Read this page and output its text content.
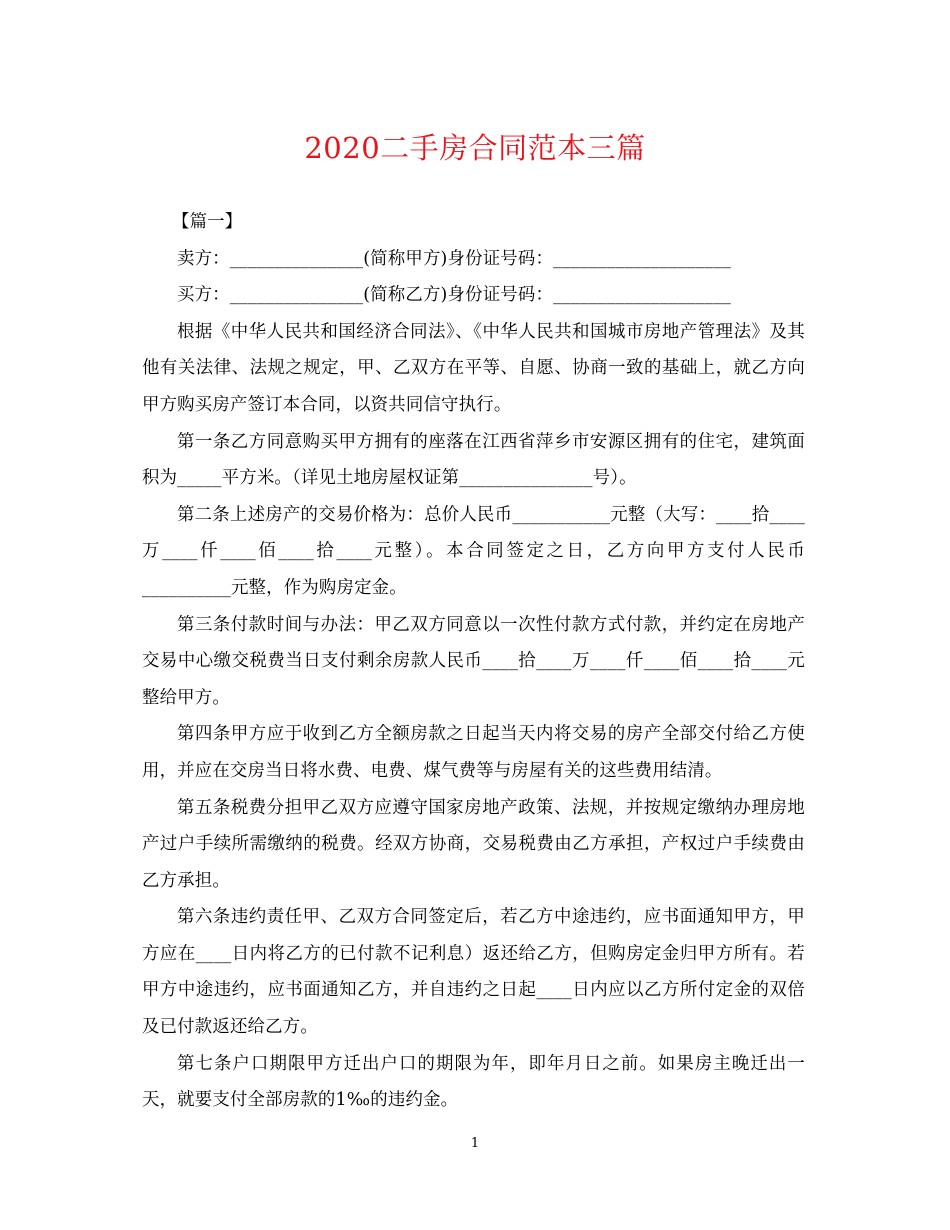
2020二手房合同范本三篇

【篇一】

卖方：_______________(简称甲方)身份证号码：____________________

买方：_______________(简称乙方)身份证号码：____________________

根据《中华人民共和国经济合同法》、《中华人民共和国城市房地产管理法》及其他有关法律、法规之规定，甲、乙双方在平等、自愿、协商一致的基础上，就乙方向甲方购买房产签订本合同，以资共同信守执行。

第一条乙方同意购买甲方拥有的座落在江西省萍乡市安源区拥有的住宅，建筑面积为_____平方米。（详见土地房屋权证第_______________号）。

第二条上述房产的交易价格为：总价人民币___________元整（大写：____拾____万____仟____佰____拾____元整）。本合同签定之日，乙方向甲方支付人民币__________元整，作为购房定金。

第三条付款时间与办法：甲乙双方同意以一次性付款方式付款，并约定在房地产交易中心缴交税费当日支付剩余房款人民币____拾____万____仟____佰____拾____元整给甲方。

第四条甲方应于收到乙方全额房款之日起当天内将交易的房产全部交付给乙方使用，并应在交房当日将水费、电费、煤气费等与房屋有关的这些费用结清。

第五条税费分担甲乙双方应遵守国家房地产政策、法规，并按规定缴纳办理房地产过户手续所需缴纳的税费。经双方协商，交易税费由乙方承担，产权过户手续费由乙方承担。

第六条违约责任甲、乙双方合同签定后，若乙方中途违约，应书面通知甲方，甲方应在____日内将乙方的已付款不记利息）返还给乙方，但购房定金归甲方所有。若甲方中途违约，应书面通知乙方，并自违约之日起____日内应以乙方所付定金的双倍及已付款返还给乙方。

第七条户口期限甲方迁出户口的期限为年，即年月日之前。如果房主晚迁出一天，就要支付全部房款的1‰的违约金。

1
